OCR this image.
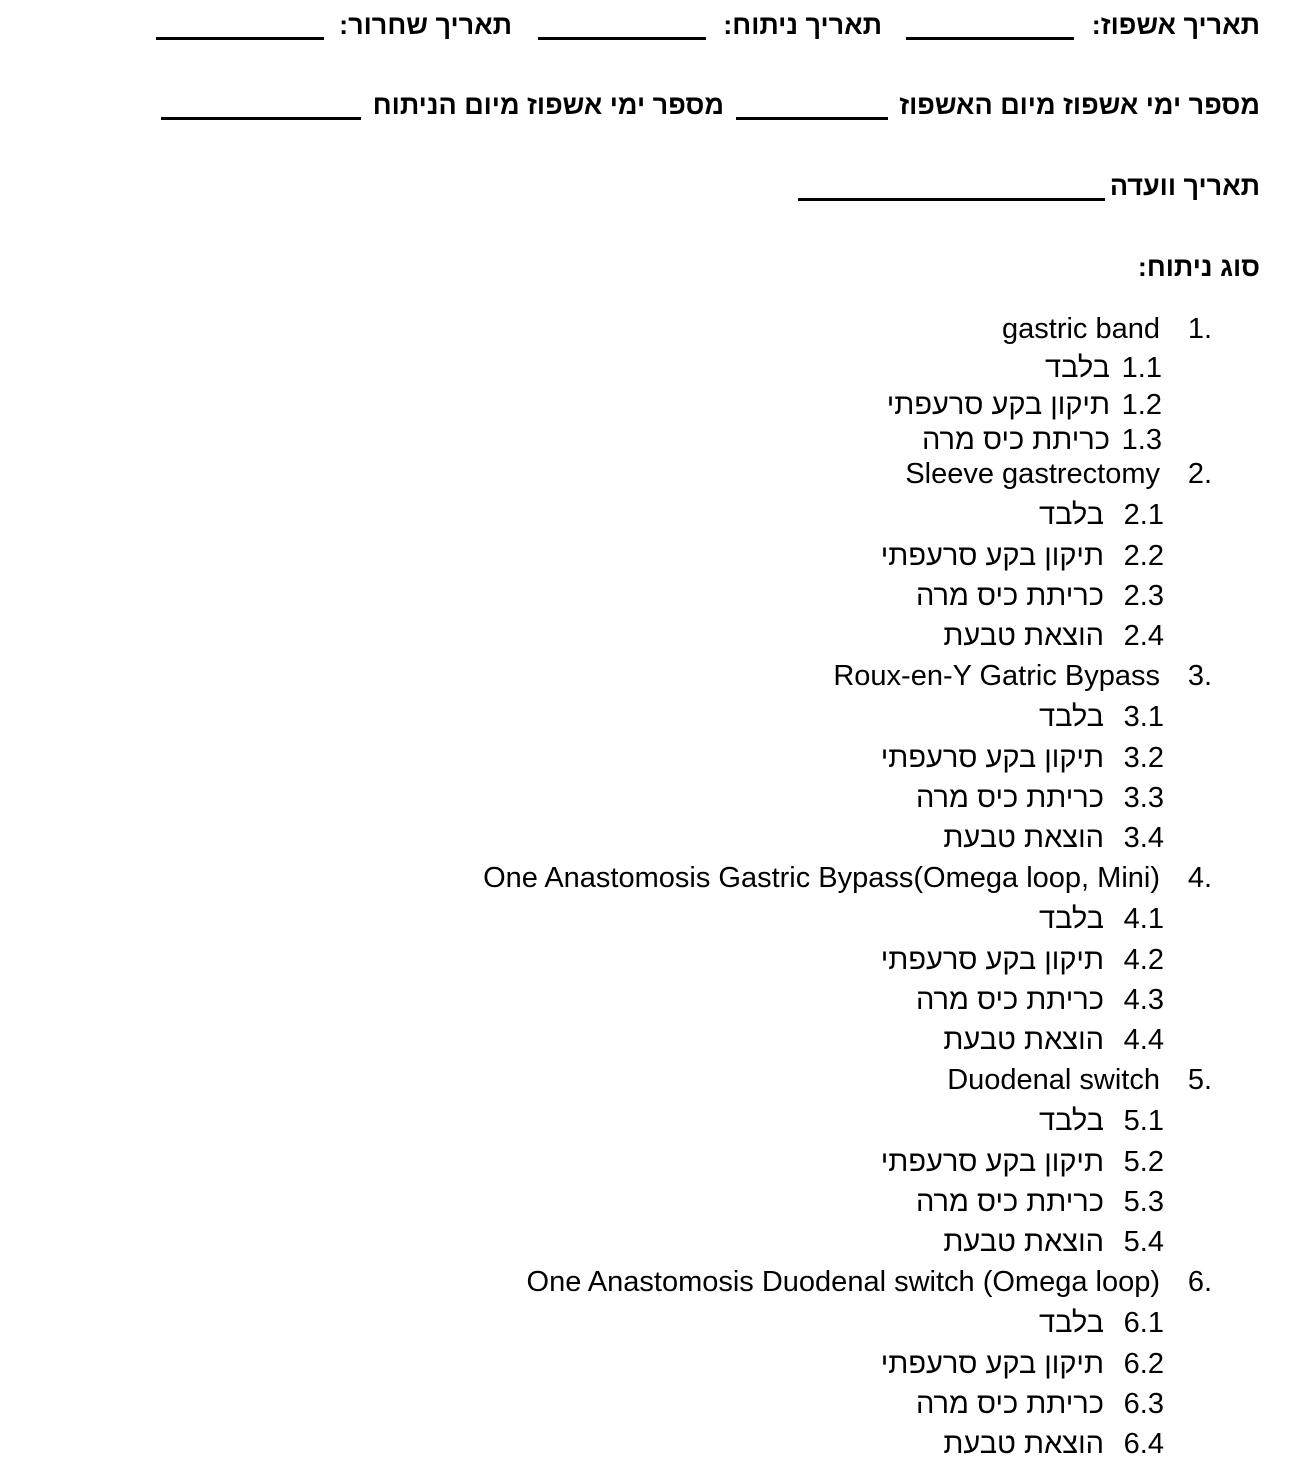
תאריך אשפוז:
תאריך ניתוח:
תאריך שחרור:
מספר ימי אשפוז מיום האשפוז
מספר ימי אשפוז מיום הניתוח
תאריך וועדה
סוג ניתוח:
1.
gastric band
1.1
בלבד
1.2
תיקון בקע סרעפתי
1.3
כריתת כיס מרה
2.
Sleeve gastrectomy
2.1
בלבד
2.2
תיקון בקע סרעפתי
2.3
כריתת כיס מרה
2.4
הוצאת טבעת
3.
Roux-en-Y Gatric Bypass
3.1
בלבד
3.2
תיקון בקע סרעפתי
3.3
כריתת כיס מרה
3.4
הוצאת טבעת
4.
One Anastomosis Gastric Bypass(Omega loop, Mini)
4.1
בלבד
4.2
תיקון בקע סרעפתי
4.3
כריתת כיס מרה
4.4
הוצאת טבעת
5.
Duodenal switch
5.1
בלבד
5.2
תיקון בקע סרעפתי
5.3
כריתת כיס מרה
5.4
הוצאת טבעת
6.
One Anastomosis Duodenal switch (Omega loop)
6.1
בלבד
6.2
תיקון בקע סרעפתי
6.3
כריתת כיס מרה
6.4
הוצאת טבעת
